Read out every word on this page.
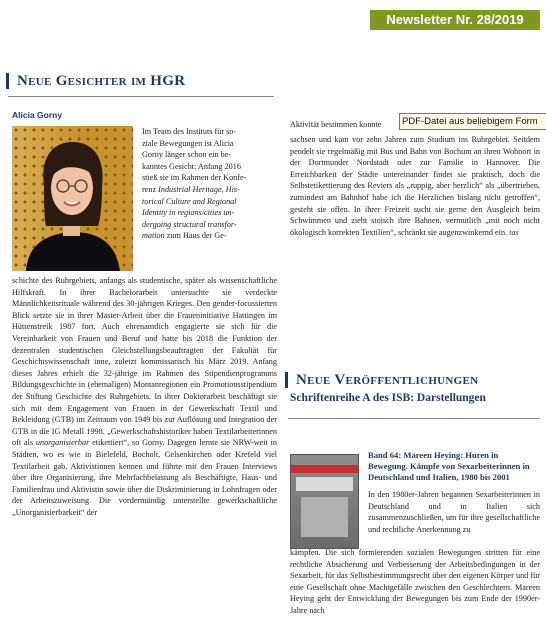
Newsletter Nr. 28/2019
Neue Gesichter im HGR
Alicia Gorny

Im Team des Instituts für so-
ziale Bewegungen ist Alicia
Gorny länger schon ein be-
kanntes Gesicht: Anfang 2016
stieß sie im Rahmen der Konfe-
renz Industrial Heritage, His-
torical Culture and Regional
Identity in regions/cities un-
dergoing structural transfor-
mation zum Haus der Ge-

schichte des Ruhrgebiets, anfangs als studentische, später als wissenschaftliche Hilfskraft. In ihrer Bachelorarbeit untersuchte sie verdeckte Männlichkeitsrituale während des 30-jährigen Krieges. Den gender-focussierten Blick setzte sie in ihrer Master-Arbeit über die Fraueninitiative Hattingen im Hüttenstreik 1987 fort. Auch ehrenamtlich engagierte sie sich für die Vereinbarkeit von Frauen und Beruf und hatte bis 2018 die Funktion der dezentralen studentischen Gleichstellungsbeauftragten der Fakultät für Geschichtswissenschaft inne, zuletzt kommissarisch bis März 2019. Anfang dieses Jahres erhielt die 32-jährige im Rahmen des Stipendienprogramms Bildungsgeschichte in (ehemaligen) Montanregionen ein Promotionsstipendium der Stiftung Geschichte des Ruhrgebiets. In ihrer Doktorarbeit beschäftigt sie sich mit dem Engagement von Frauen in der Gewerkschaft Textil und Bekleidung (GTB) im Zeitraum von 1949 bis zur Auflösung und Integration der GTB in die IG Metall 1998. „Gewerkschaftshistoriker haben Textilarbeiterinnen oft als unorganisierbar etikettiert“, so Gorny. Dagegen lernte sie NRW-weit in Städten, wo es wie in Bielefeld, Bocholt, Gelsenkirchen oder Krefeld viel Textilarbeit gab, Aktivistinnen kennen und führte mit den Frauen Interviews über ihre Organisierung, ihre Mehrfachbelastung als Beschäftigte, Haus- und Familienfrau und Aktivistin sowie über die Diskriminierung in Lohnfragen oder der Arbeitszuweisung. Die vordermündig unterstellte gewerkschaftliche „Unorganisierbarkeit“ der

Aktivität bestimmen konnte	PDF-Datei aus beliebigem Form

sachsen und kam vor zehn Jahren zum Studium ins Ruhrgebiet. Seitdem pendelt sie regelmäßig mit Bus und Bahn von Bochum an ihren Wohnort in der Dortmunder Nordstadt oder zur Familie in Hannover. Die Erreichbarkeit der Städte untereinander findet sie praktisch, doch die Selbstetikettierung des Reviers als „ruppig, aber herzlich“ als „übertrieben, zumindest am Bahnhof habe ich die Herzlichen bislang nicht getroffen“, gesteht sie offen. In ihrer Freizeit sucht sie gerne den Ausgleich beim Schwimmen und zieht stoisch ihre Bahnen, vermutlich „mit noch nicht ökologisch korrekten Textilien“, schränkt sie augenzwinkernd ein. tas

Neue Veröffentlichungen
Schriftenreihe A des ISB: Darstellungen
Band 64: Mareen Heying: Huren in Bewegung. Kämpfe von Sexarbeiterinnen in Deutschland und Italien, 1980 bis 2001

In den 1980er-Jahren begannen Sexarbeiterinnen in Deutschland und in Italien sich zusammenzuschließen, um für ihre gesellschaftliche und rechtliche Anerkennung zu

kämpfen. Die sich formierenden sozialen Bewegungen stritten für eine rechtliche Absicherung und Verbesserung der Arbeitsbedingungen in der Sexarbeit, für das Selbstbestimmungsrecht über den eigenen Körper und für eine Gesellschaft ohne Machtgefälle zwischen den Geschlechtern. Mareen Heying geht der Entwicklung der Bewegungen bis zum Ende der 1990er-Jahre nach
